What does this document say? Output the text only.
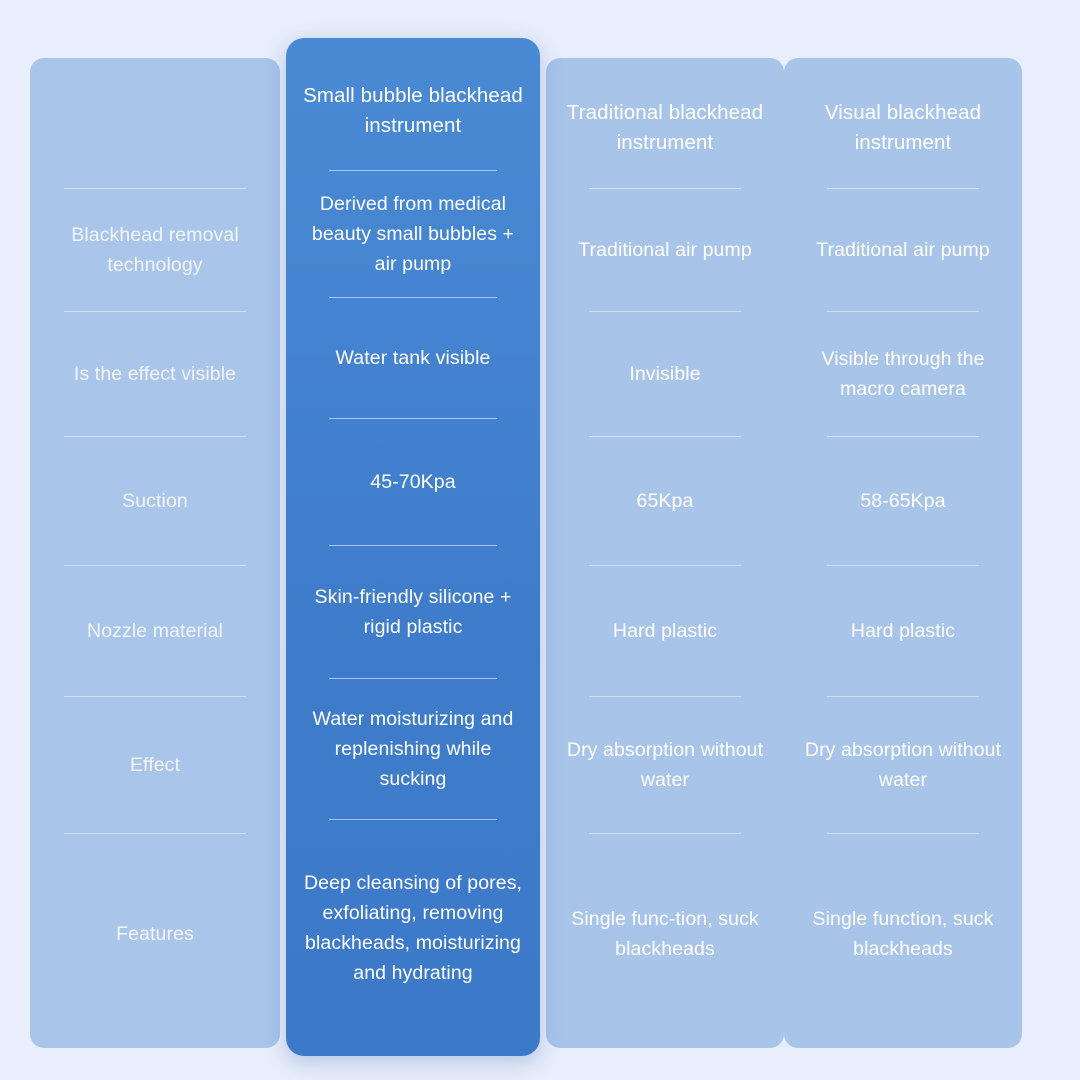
Blackhead removal technology
Is the effect visible
Suction
Nozzle material
Effect
Features
Traditional blackhead instrument
Traditional air pump
Invisible
65Kpa
Hard plastic
Dry absorption without water
Single func-tion, suck blackheads
Visual blackhead instrument
Traditional air pump
Visible through the macro camera
58-65Kpa
Hard plastic
Dry absorption without water
Single function, suck blackheads
Small bubble blackhead instrument
Derived from medical beauty small bubbles + air pump
Water tank visible
45-70Kpa
Skin-friendly silicone + rigid plastic
Water moisturizing and replenishing while sucking
Deep cleansing of pores, exfoliating, removing blackheads, moisturizing and hydrating
